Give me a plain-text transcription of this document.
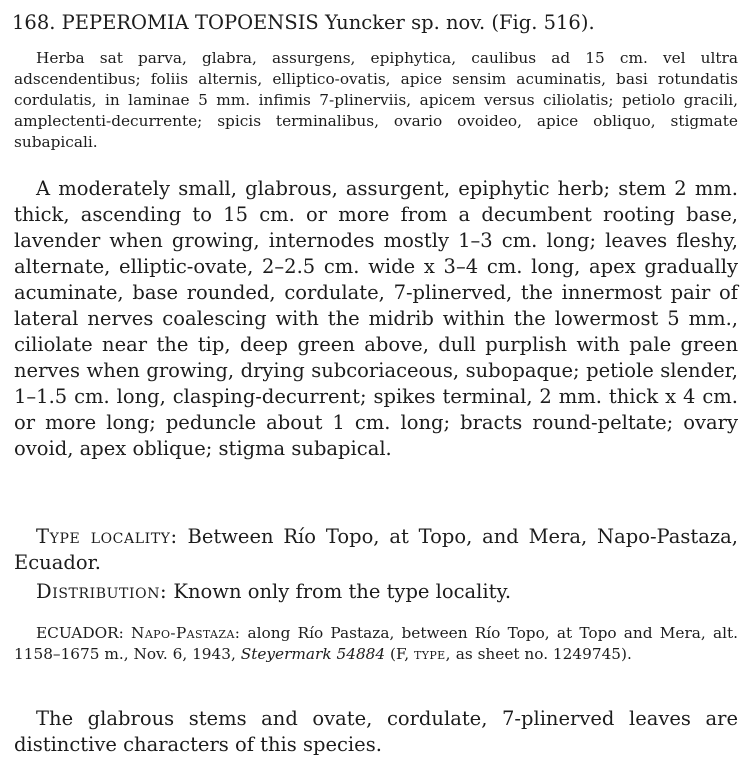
168. PEPEROMIA TOPOENSIS Yuncker sp. nov. (Fig. 516).
Herba sat parva, glabra, assurgens, epiphytica, caulibus ad 15 cm. vel ultra adscendentibus; foliis alternis, elliptico-ovatis, apice sensim acuminatis, basi rotundatis cordulatis, in laminae 5 mm. infimis 7-plinerviis, apicem versus ciliolatis; petiolo gracili, amplectenti-decurrente; spicis terminalibus, ovario ovoideo, apice obliquo, stigmate subapicali.
A moderately small, glabrous, assurgent, epiphytic herb; stem 2 mm. thick, ascending to 15 cm. or more from a decumbent rooting base, lavender when growing, internodes mostly 1–3 cm. long; leaves fleshy, alternate, elliptic-ovate, 2–2.5 cm. wide x 3–4 cm. long, apex gradually acuminate, base rounded, cordulate, 7-plinerved, the innermost pair of lateral nerves coalescing with the midrib within the lowermost 5 mm., ciliolate near the tip, deep green above, dull purplish with pale green nerves when growing, drying subcoriaceous, subopaque; petiole slender, 1–1.5 cm. long, clasping-decurrent; spikes terminal, 2 mm. thick x 4 cm. or more long; peduncle about 1 cm. long; bracts round-peltate; ovary ovoid, apex oblique; stigma subapical.
Type locality: Between Río Topo, at Topo, and Mera, Napo-Pastaza, Ecuador.
Distribution: Known only from the type locality.
ECUADOR: Napo-Pastaza: along Río Pastaza, between Río Topo, at Topo and Mera, alt. 1158–1675 m., Nov. 6, 1943, Steyermark 54884 (F, type, as sheet no. 1249745).
The glabrous stems and ovate, cordulate, 7-plinerved leaves are distinctive characters of this species.
